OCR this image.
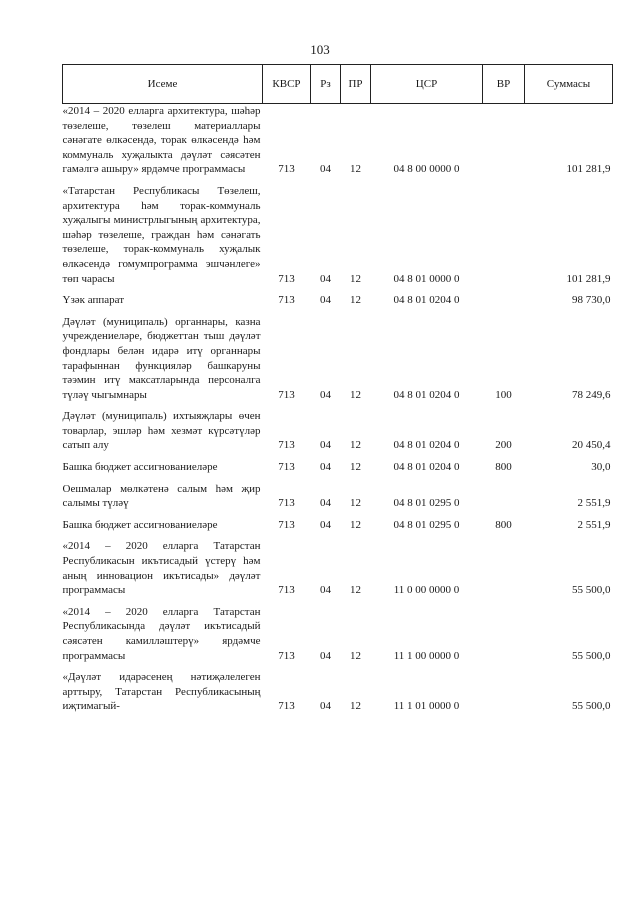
103
Исеме	КВСР	Рз	ПР	ЦСР	ВР	Суммасы
«2014 – 2020 елларга архитектура, шәһәр төзелеше, төзелеш материаллары сәнәгате өлкәсендә, торак өлкәсендә һәм коммуналь хуҗалыкта дәүләт сәясәтен гамәлгә ашыру» ярдәмче программасы	713	04	12	04 8 00 0000 0		101 281,9
«Татарстан Республикасы Төзелеш, архитектура һәм торак-коммуналь хуҗалыгы министрлыгының архитектура, шәһәр төзелеше, граждан һәм сәнәгать төзелеше, торак-коммуналь хуҗалык өлкәсендә гомумпрограмма эшчәнлеге» төп чарасы	713	04	12	04 8 01 0000 0		101 281,9
Үзәк аппарат	713	04	12	04 8 01 0204 0		98 730,0
Дәүләт (муниципаль) органнары, казна учреждениеләре, бюджеттан тыш дәүләт фондлары белән идарә итү органнары тарафыннан функцияләр башкаруны тәэмин итү максатларында персоналга түләү чыгымнары	713	04	12	04 8 01 0204 0	100	78 249,6
Дәүләт (муниципаль) ихтыяҗлары өчен товарлар, эшләр һәм хезмәт күрсәтүләр сатып алу	713	04	12	04 8 01 0204 0	200	20 450,4
Башка бюджет ассигнованиеләре	713	04	12	04 8 01 0204 0	800	30,0
Оешмалар мөлкәтенә салым һәм җир салымы түләү	713	04	12	04 8 01 0295 0		2 551,9
Башка бюджет ассигнованиеләре	713	04	12	04 8 01 0295 0	800	2 551,9
«2014 – 2020 елларга Татарстан Республикасын икътисадый үстерү һәм аның инновацион икътисады» дәүләт программасы	713	04	12	11 0 00 0000 0		55 500,0
«2014 – 2020 елларга Татарстан Республикасында дәүләт икътисадый сәясәтен камилләштерү» ярдәмче программасы	713	04	12	11 1 00 0000 0		55 500,0
«Дәүләт идарәсенең нәтиҗәлелеген арттыру, Татарстан Республикасының иҗтимагый-	713	04	12	11 1 01 0000 0		55 500,0
